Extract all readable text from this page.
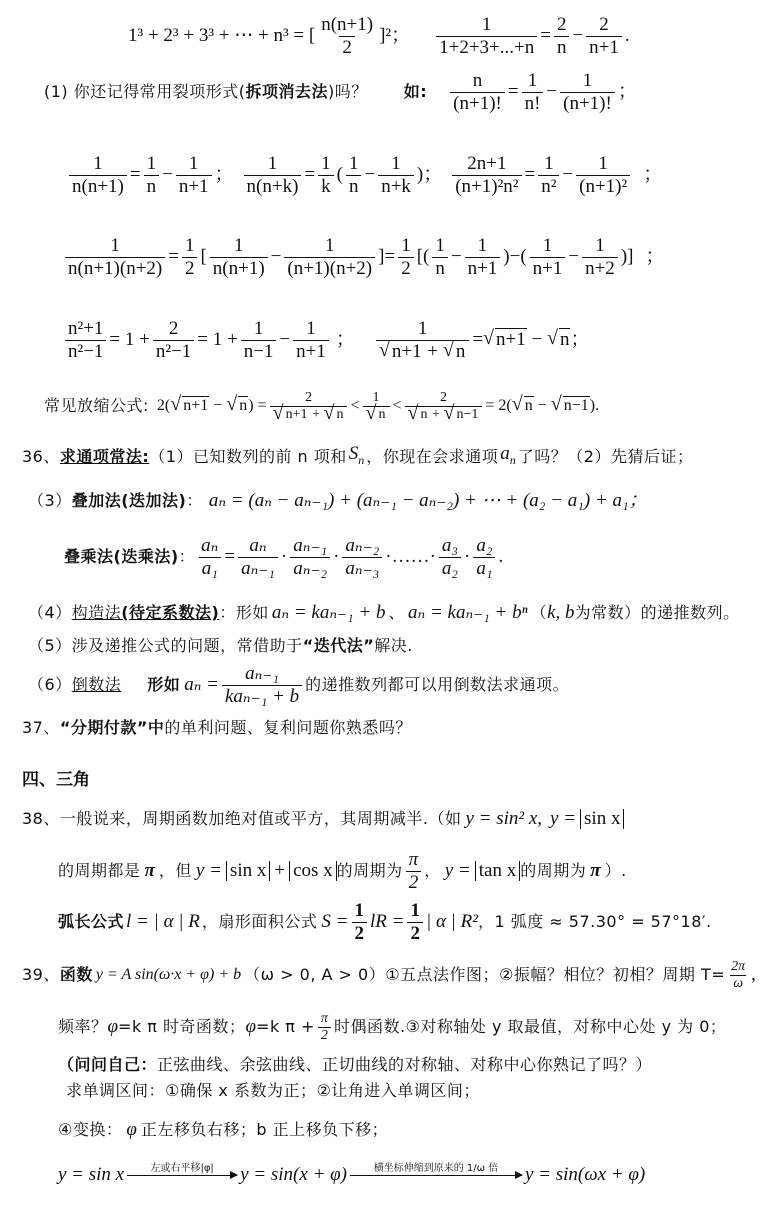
1³ + 2³ + 3³ + ⋯ + n³ = [ $\frac{n(n+1)}{2} ]^2$； $\frac{1}{1+2+3+...+n} = \frac{2}{n} - \frac{2}{n+1}$ .
(1) 你还记得常用裂项形式( 拆项消去法 )吗？ 如: $\frac{n}{(n+1)!} = \frac{1}{n!} - \frac{1}{(n+1)!}$ ；
$\frac{1}{n(n+1)} = \frac{1}{n} - \frac{1}{n+1}$ ； $\frac{1}{n(n+k)} = \frac{1}{k}$ ( $\frac{1}{n} - \frac{1}{n+k}$ )； $\frac{2n+1}{\text{(n+1)²n²}} = \frac{1}{\text{n²}} - \frac{1}{\text{(n+1)²}}$ ；
$\frac{1}{n(n+1)(n+2)} = \frac{1}{2}$ [ $\frac{1}{n(n+1)} - \frac{1}{(n+1)(n+2)}$ ] = $\frac{1}{2}$ [( $\frac{1}{n} - \frac{1}{n+1}$ )−( $\frac{1}{n+1} - \frac{1}{n+2}$ )] ；
$\frac{\text{n²+1}}{\text{n²−1}} = 1 + \frac{2}{\text{n²−1}} = 1 + \frac{1}{n-1} - \frac{1}{n+1}$ ； 1
√ n+1 + √ n = √ n+1 − √ n ；
常见放缩公式: 2( √ n+1 − √ n) = 2
√ n+1 + √ n < 1
√ n < 2
√ n + √ n−1 = 2( √ n − √ n−1).
36、 求通项常法: （1）已知数列的前 n 项和 $S_n$ ，你现在会求通项 $a_n$ 了吗？（2）先猜后证；
（3） 叠加法(迭加法) ： aₙ = (aₙ − aₙ₋₁) + (aₙ₋₁ − aₙ₋₂) + ⋯ + (a₂ − a₁) + a₁；
叠乘法(迭乘法) ： $\frac{\text{aₙ}}{\text{a₁}} = \frac{\text{aₙ}}{\text{aₙ₋₁}} \cdot \frac{\text{aₙ₋₁}}{\text{aₙ₋₂}} \cdot \frac{\text{aₙ₋₂}}{\text{aₙ₋₃}}$ ·……· $\frac{\text{a₃}}{\text{a₂}} \cdot \frac{\text{a₂}}{\text{a₁}}$ .
（4） 构造法 (待定系数法) ：形如 aₙ = kaₙ₋₁ + b 、 aₙ = kaₙ₋₁ + bⁿ （ k, b 为常数）的递推数列。
（5）涉及递推公式的问题，常借助于 “迭代法” 解决.
（6） 倒数法 形如 $a_n = \frac{\text{aₙ₋₁}}{\text{kaₙ₋₁ + b}}$ 的递推数列都可以用倒数法求通项。
37、 “分期付款”中 的单利问题、复利问题你熟悉吗？
四、三角
38、一般说来，周期函数加绝对值或平方，其周期减半.（如 y = sin² x, y = sin x
的周期都是 π ，但 y = sin x + cos x 的周期为 $\frac{\pi}{2}$ ， y = tan x 的周期为 π ）.
弧长公式 l = | α | R ，扇形面积公式 $S = \frac{1}{2}$ lR = $\frac{1}{2}$ | α | R² ，1 弧度 ≈ 57.30° = 57°18′.
39、 函数 y = A sin(ω·x + φ) + b （ω > 0, A > 0）①五点法作图；②振幅？相位？初相？周期 $T= \frac{2\pi}{\omega}$ ,
频率？ φ =k π 时奇函数； φ =k $\pi + \frac{\pi}{2}$ 时偶函数.③对称轴处 y 取最值，对称中心处 y 为 0；
（问问自己： 正弦曲线、余弦曲线、正切曲线的对称轴、对称中心你熟记了吗？）
求单调区间：①确保 x 系数为正；②让角进入单调区间；
④变换： φ 正左移负右移；b 正上移负下移；
y = sin x	左或右平移|φ|
y = sin(x + φ)	横坐标伸缩到原来的 1/ω 倍
y = sin(ωx + φ)
